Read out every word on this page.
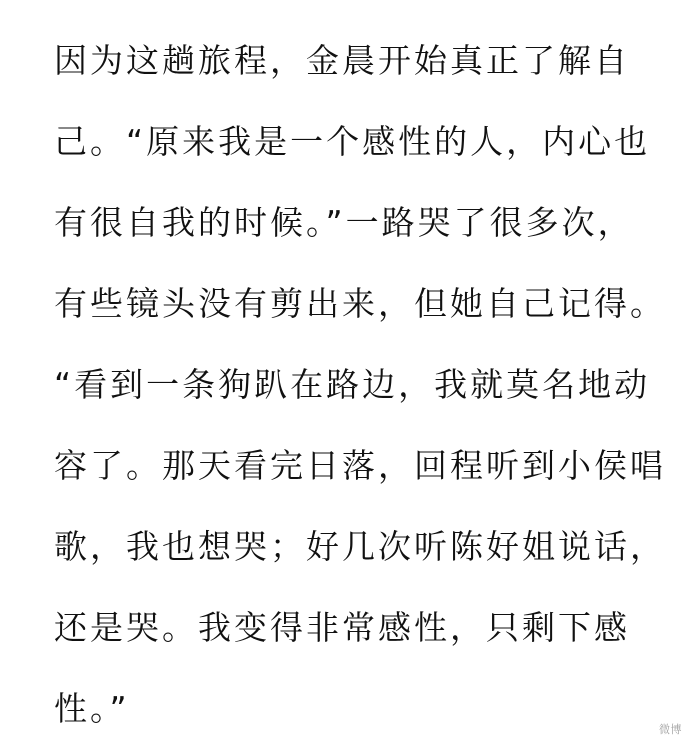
因为这趟旅程，金晨开始真正了解自
己。“原来我是一个感性的人，内心也
有很自我的时候。”一路哭了很多次，
有些镜头没有剪出来，但她自己记得。
“看到一条狗趴在路边，我就莫名地动
容了。那天看完日落，回程听到小侯唱
歌，我也想哭；好几次听陈好姐说话，
还是哭。我变得非常感性，只剩下感
性。”
微博
